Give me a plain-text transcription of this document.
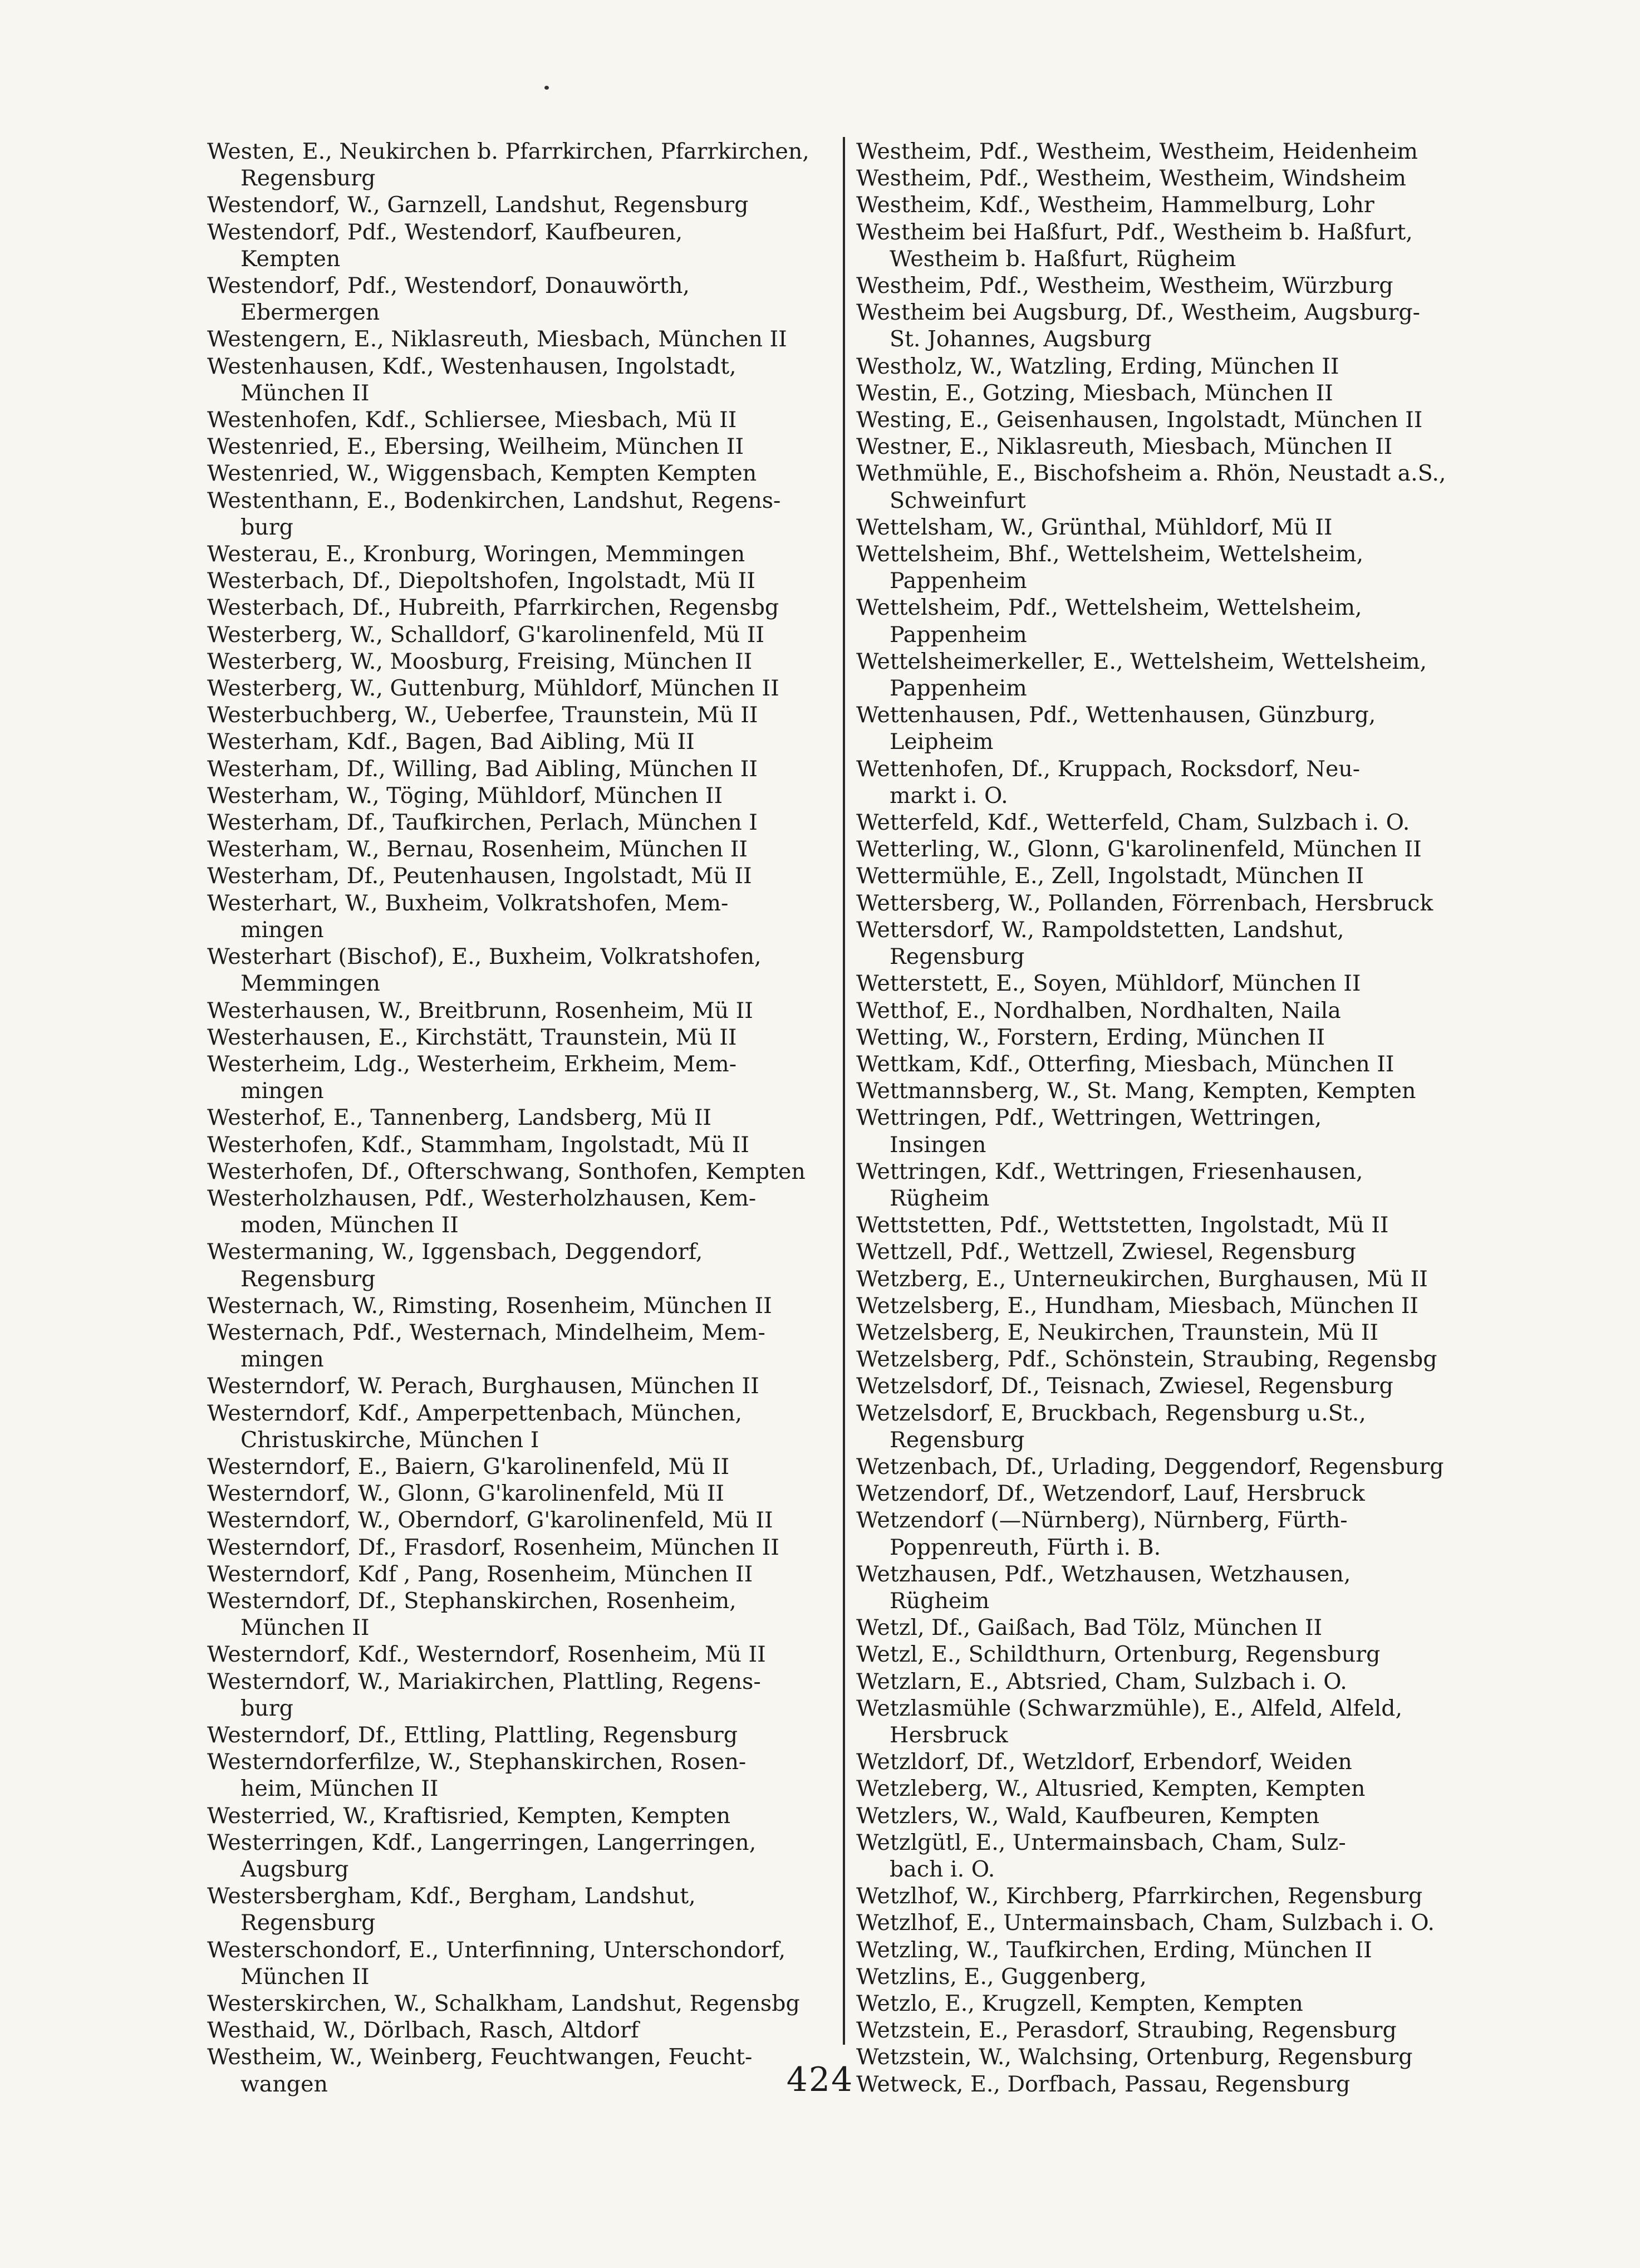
Westen, E., Neukirchen b. Pfarrkirchen, Pfarrkirchen,
Regensburg
Westendorf, W., Garnzell, Landshut, Regensburg
Westendorf, Pdf., Westendorf, Kaufbeuren,
Kempten
Westendorf, Pdf., Westendorf, Donauwörth,
Ebermergen
Westengern, E., Niklasreuth, Miesbach, München II
Westenhausen, Kdf., Westenhausen, Ingolstadt,
München II
Westenhofen, Kdf., Schliersee, Miesbach, Mü II
Westenried, E., Ebersing, Weilheim, München II
Westenried, W., Wiggensbach, Kempten Kempten
Westenthann, E., Bodenkirchen, Landshut, Regens-
burg
Westerau, E., Kronburg, Woringen, Memmingen
Westerbach, Df., Diepoltshofen, Ingolstadt, Mü II
Westerbach, Df., Hubreith, Pfarrkirchen, Regensbg
Westerberg, W., Schalldorf, G'karolinenfeld, Mü II
Westerberg, W., Moosburg, Freising, München II
Westerberg, W., Guttenburg, Mühldorf, München II
Westerbuchberg, W., Ueberfee, Traunstein, Mü II
Westerham, Kdf., Bagen, Bad Aibling, Mü II
Westerham, Df., Willing, Bad Aibling, München II
Westerham, W., Töging, Mühldorf, München II
Westerham, Df., Taufkirchen, Perlach, München I
Westerham, W., Bernau, Rosenheim, München II
Westerham, Df., Peutenhausen, Ingolstadt, Mü II
Westerhart, W., Buxheim, Volkratshofen, Mem-
mingen
Westerhart (Bischof), E., Buxheim, Volkratshofen,
Memmingen
Westerhausen, W., Breitbrunn, Rosenheim, Mü II
Westerhausen, E., Kirchstätt, Traunstein, Mü II
Westerheim, Ldg., Westerheim, Erkheim, Mem-
mingen
Westerhof, E., Tannenberg, Landsberg, Mü II
Westerhofen, Kdf., Stammham, Ingolstadt, Mü II
Westerhofen, Df., Ofterschwang, Sonthofen, Kempten
Westerholzhausen, Pdf., Westerholzhausen, Kem-
moden, München II
Westermaning, W., Iggensbach, Deggendorf,
Regensburg
Westernach, W., Rimsting, Rosenheim, München II
Westernach, Pdf., Westernach, Mindelheim, Mem-
mingen
Westerndorf, W. Perach, Burghausen, München II
Westerndorf, Kdf., Amperpettenbach, München,
Christuskirche, München I
Westerndorf, E., Baiern, G'karolinenfeld, Mü II
Westerndorf, W., Glonn, G'karolinenfeld, Mü II
Westerndorf, W., Oberndorf, G'karolinenfeld, Mü II
Westerndorf, Df., Frasdorf, Rosenheim, München II
Westerndorf, Kdf , Pang, Rosenheim, München II
Westerndorf, Df., Stephanskirchen, Rosenheim,
München II
Westerndorf, Kdf., Westerndorf, Rosenheim, Mü II
Westerndorf, W., Mariakirchen, Plattling, Regens-
burg
Westerndorf, Df., Ettling, Plattling, Regensburg
Westerndorferfilze, W., Stephanskirchen, Rosen-
heim, München II
Westerried, W., Kraftisried, Kempten, Kempten
Westerringen, Kdf., Langerringen, Langerringen,
Augsburg
Westersbergham, Kdf., Bergham, Landshut,
Regensburg
Westerschondorf, E., Unterfinning, Unterschondorf,
München II
Westerskirchen, W., Schalkham, Landshut, Regensbg
Westhaid, W., Dörlbach, Rasch, Altdorf
Westheim, W., Weinberg, Feuchtwangen, Feucht-
wangen
Westheim, Pdf., Westheim, Westheim, Heidenheim
Westheim, Pdf., Westheim, Westheim, Windsheim
Westheim, Kdf., Westheim, Hammelburg, Lohr
Westheim bei Haßfurt, Pdf., Westheim b. Haßfurt,
Westheim b. Haßfurt, Rügheim
Westheim, Pdf., Westheim, Westheim, Würzburg
Westheim bei Augsburg, Df., Westheim, Augsburg-
St. Johannes, Augsburg
Westholz, W., Watzling, Erding, München II
Westin, E., Gotzing, Miesbach, München II
Westing, E., Geisenhausen, Ingolstadt, München II
Westner, E., Niklasreuth, Miesbach, München II
Wethmühle, E., Bischofsheim a. Rhön, Neustadt a.S.,
Schweinfurt
Wettelsham, W., Grünthal, Mühldorf, Mü II
Wettelsheim, Bhf., Wettelsheim, Wettelsheim,
Pappenheim
Wettelsheim, Pdf., Wettelsheim, Wettelsheim,
Pappenheim
Wettelsheimerkeller, E., Wettelsheim, Wettelsheim,
Pappenheim
Wettenhausen, Pdf., Wettenhausen, Günzburg,
Leipheim
Wettenhofen, Df., Kruppach, Rocksdorf, Neu-
markt i. O.
Wetterfeld, Kdf., Wetterfeld, Cham, Sulzbach i. O.
Wetterling, W., Glonn, G'karolinenfeld, München II
Wettermühle, E., Zell, Ingolstadt, München II
Wettersberg, W., Pollanden, Förrenbach, Hersbruck
Wettersdorf, W., Rampoldstetten, Landshut,
Regensburg
Wetterstett, E., Soyen, Mühldorf, München II
Wetthof, E., Nordhalben, Nordhalten, Naila
Wetting, W., Forstern, Erding, München II
Wettkam, Kdf., Otterfing, Miesbach, München II
Wettmannsberg, W., St. Mang, Kempten, Kempten
Wettringen, Pdf., Wettringen, Wettringen,
Insingen
Wettringen, Kdf., Wettringen, Friesenhausen,
Rügheim
Wettstetten, Pdf., Wettstetten, Ingolstadt, Mü II
Wettzell, Pdf., Wettzell, Zwiesel, Regensburg
Wetzberg, E., Unterneukirchen, Burghausen, Mü II
Wetzelsberg, E., Hundham, Miesbach, München II
Wetzelsberg, E, Neukirchen, Traunstein, Mü II
Wetzelsberg, Pdf., Schönstein, Straubing, Regensbg
Wetzelsdorf, Df., Teisnach, Zwiesel, Regensburg
Wetzelsdorf, E, Bruckbach, Regensburg u.St.,
Regensburg
Wetzenbach, Df., Urlading, Deggendorf, Regensburg
Wetzendorf, Df., Wetzendorf, Lauf, Hersbruck
Wetzendorf (—Nürnberg), Nürnberg, Fürth-
Poppenreuth, Fürth i. B.
Wetzhausen, Pdf., Wetzhausen, Wetzhausen,
Rügheim
Wetzl, Df., Gaißach, Bad Tölz, München II
Wetzl, E., Schildthurn, Ortenburg, Regensburg
Wetzlarn, E., Abtsried, Cham, Sulzbach i. O.
Wetzlasmühle (Schwarzmühle), E., Alfeld, Alfeld,
Hersbruck
Wetzldorf, Df., Wetzldorf, Erbendorf, Weiden
Wetzleberg, W., Altusried, Kempten, Kempten
Wetzlers, W., Wald, Kaufbeuren, Kempten
Wetzlgütl, E., Untermainsbach, Cham, Sulz-
bach i. O.
Wetzlhof, W., Kirchberg, Pfarrkirchen, Regensburg
Wetzlhof, E., Untermainsbach, Cham, Sulzbach i. O.
Wetzling, W., Taufkirchen, Erding, München II
Wetzlins, E., Guggenberg,
Wetzlo, E., Krugzell, Kempten, Kempten
Wetzstein, E., Perasdorf, Straubing, Regensburg
Wetzstein, W., Walchsing, Ortenburg, Regensburg
Wetweck, E., Dorfbach, Passau, Regensburg
424
